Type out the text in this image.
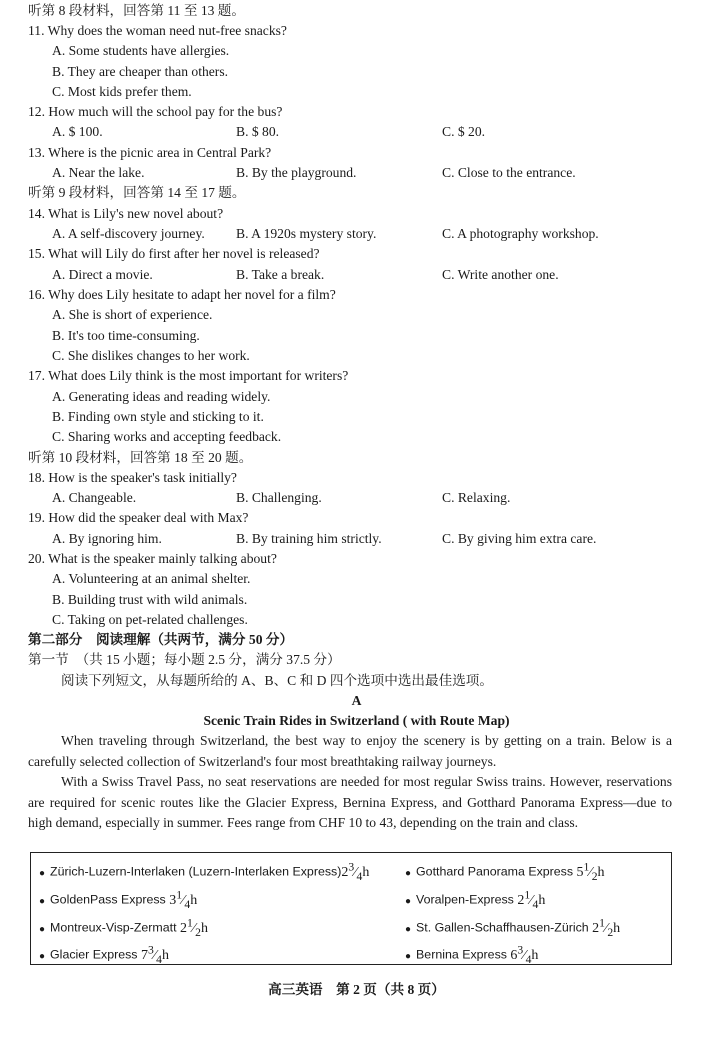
听第 8 段材料，回答第 11 至 13 题。
11. Why does the woman need nut-free snacks?
A. Some students have allergies.
B. They are cheaper than others.
C. Most kids prefer them.
12. How much will the school pay for the bus?
A. $ 100.	B. $ 80.	C. $ 20.
13. Where is the picnic area in Central Park?
A. Near the lake.	B. By the playground.	C. Close to the entrance.
听第 9 段材料，回答第 14 至 17 题。
14. What is Lily's new novel about?
A. A self-discovery journey. B. A 1920s mystery story.	C. A photography workshop.
15. What will Lily do first after her novel is released?
A. Direct a movie.	B. Take a break.	C. Write another one.
16. Why does Lily hesitate to adapt her novel for a film?
A. She is short of experience.
B. It's too time-consuming.
C. She dislikes changes to her work.
17. What does Lily think is the most important for writers?
A. Generating ideas and reading widely.
B. Finding own style and sticking to it.
C. Sharing works and accepting feedback.
听第 10 段材料，回答第 18 至 20 题。
18. How is the speaker's task initially?
A. Changeable.	B. Challenging.	C. Relaxing.
19. How did the speaker deal with Max?
A. By ignoring him.	B. By training him strictly.	C. By giving him extra care.
20. What is the speaker mainly talking about?
A. Volunteering at an animal shelter.
B. Building trust with wild animals.
C. Taking on pet-related challenges.
第二部分　阅读理解（共两节，满分 50 分）
第一节　（共 15 小题；每小题 2.5 分，满分 37.5 分）
阅读下列短文，从每题所给的 A、B、C 和 D 四个选项中选出最佳选项。
A
Scenic Train Rides in Switzerland ( with Route Map)

When traveling through Switzerland, the best way to enjoy the scenery is by getting on a train. Below is a carefully selected collection of Switzerland's four most breathtaking railway journeys.

With a Swiss Travel Pass, no seat reservations are needed for most regular Swiss trains. However, reservations are required for scenic routes like the Glacier Express, Bernina Express, and Gotthard Panorama Express—due to high demand, especially in summer. Fees range from CHF 10 to 43, depending on the train and class.

● Zürich-Luzern-Interlaken (Luzern-Interlaken $Express)2^3⁄_4h$	● Gotthard Panorama Express $5^1⁄_2h$
● GoldenPass Express $3^1⁄_4h$	● Voralpen-Express $2^1⁄_4h$
● Montreux-Visp-Zermatt $2^1⁄_2h$	● St. Gallen-Schaffhausen-Zürich $2^1⁄_2h$
● Glacier Express $7^3⁄_4h$	● Bernina Express $6^3⁄_4h$
高三英语　第 2 页（共 8 页）
